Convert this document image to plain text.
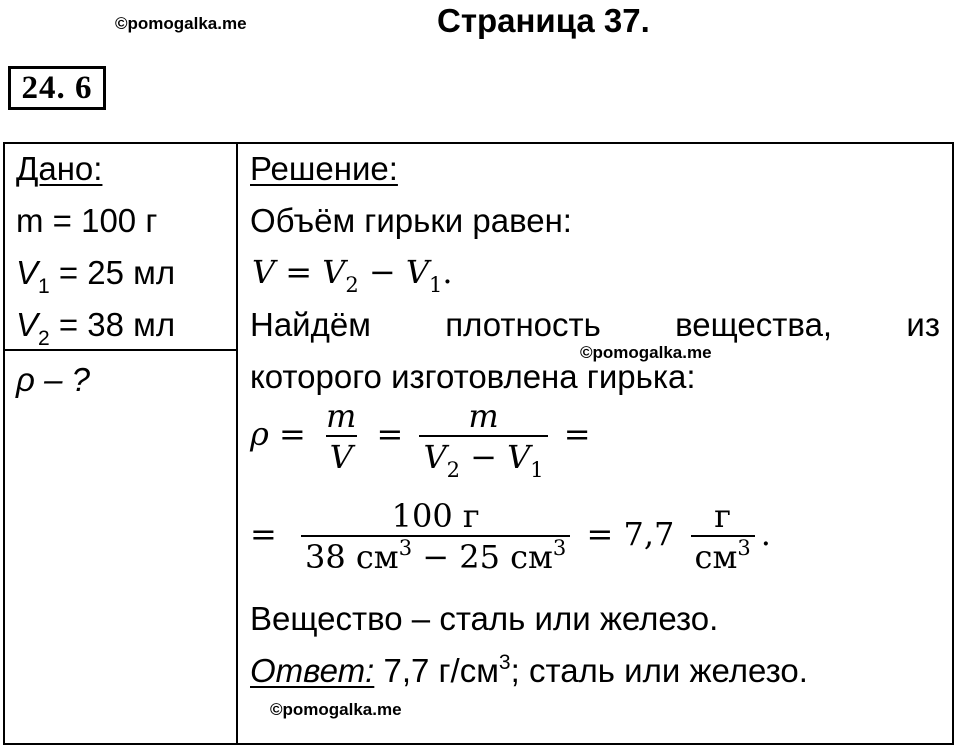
©pomogalka.me	Страница 37.
24. 6
Дано:
m = 100 г
$V_1 = 25$ мл
$V_2 = 38$ мл
ρ – ?
Решение:
Объём гирьки равен:
$V = V_2 - V_1$.
Найдём плотность вещества, из
©pomogalka.me
которого изготовлена гирька:
$\rho = \frac{m}{V} = \frac{m}{V_2 - V_1}$ =
= $\frac{100 г}{38 см^3 - 25 см^3} = 7,7 \frac{г}{см^3}$ .
Вещество – сталь или железо.
Ответ: 7,7 $г/см^3$; сталь или железо.
©pomogalka.me
